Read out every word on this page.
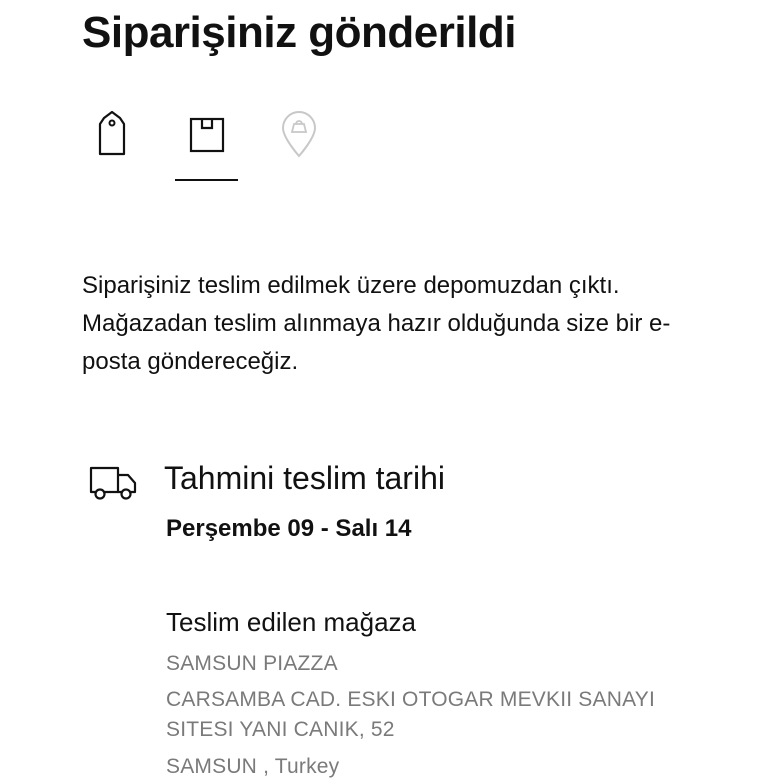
Siparişiniz gönderildi

Siparişiniz teslim edilmek üzere depomuzdan çıktı. Mağazadan teslim alınmaya hazır olduğunda size bir e-posta göndereceğiz.

Tahmini teslim tarihi
Perşembe 09 - Salı 14
Teslim edilen mağaza
SAMSUN PIAZZA
CARSAMBA CAD. ESKI OTOGAR MEVKII SANAYI
SITESI YANI CANIK, 52
SAMSUN , Turkey
